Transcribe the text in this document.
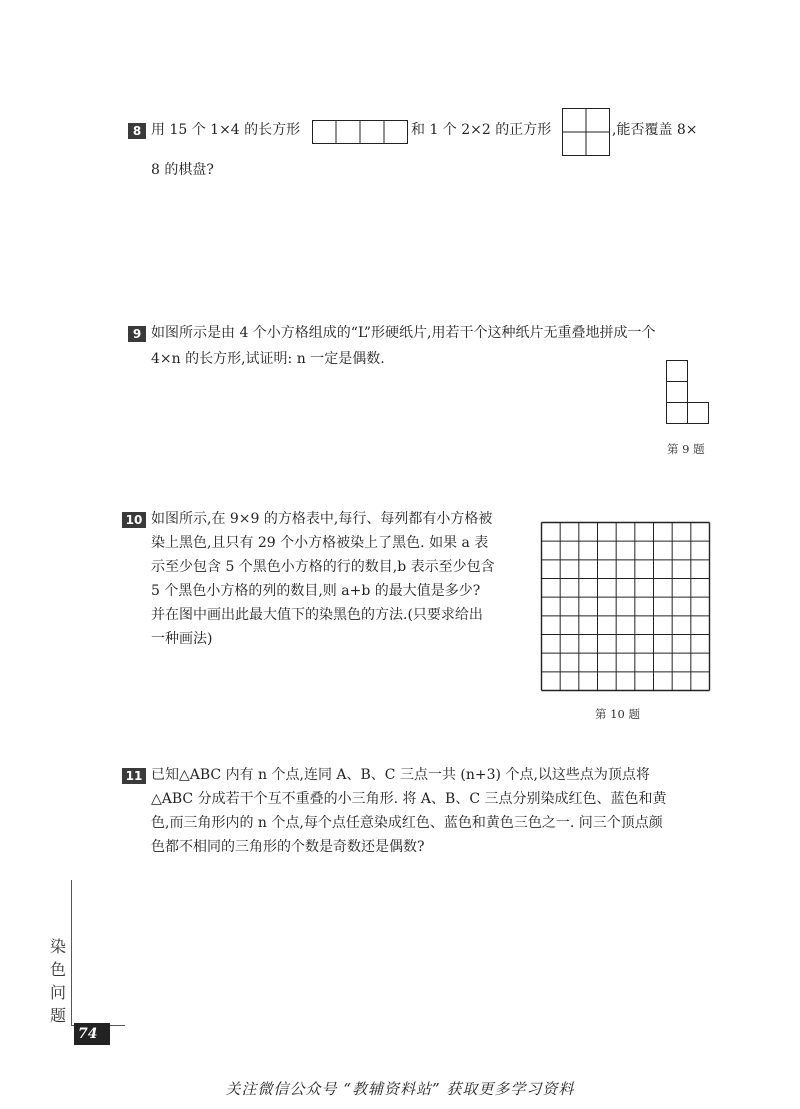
8 用 15 个 1×4 的长方形	和 1 个 2×2 的正方形	,能否覆盖 8×
8 的棋盘?
9 如图所示是由 4 个小方格组成的“L”形硬纸片,用若干个这种纸片无重叠地拼成一个
4×n 的长方形,试证明: n 一定是偶数.
第 9 题
10 如图所示,在 9×9 的方格表中,每行、每列都有小方格被
染上黑色,且只有 29 个小方格被染上了黑色. 如果 a 表
示至少包含 5 个黑色小方格的行的数目,b 表示至少包含
5 个黑色小方格的列的数目,则 a+b 的最大值是多少?
并在图中画出此最大值下的染黑色的方法.(只要求给出
一种画法)
第 10 题
11 已知△ABC 内有 n 个点,连同 A、B、C 三点一共 (n+3) 个点,以这些点为顶点将
△ABC 分成若干个互不重叠的小三角形. 将 A、B、C 三点分别染成红色、蓝色和黄
色,而三角形内的 n 个点,每个点任意染成红色、蓝色和黄色三色之一. 问三个顶点颜
色都不相同的三角形的个数是奇数还是偶数?
染
色
问
题
74
关注微信公众号 “教辅资料站” 获取更多学习资料
